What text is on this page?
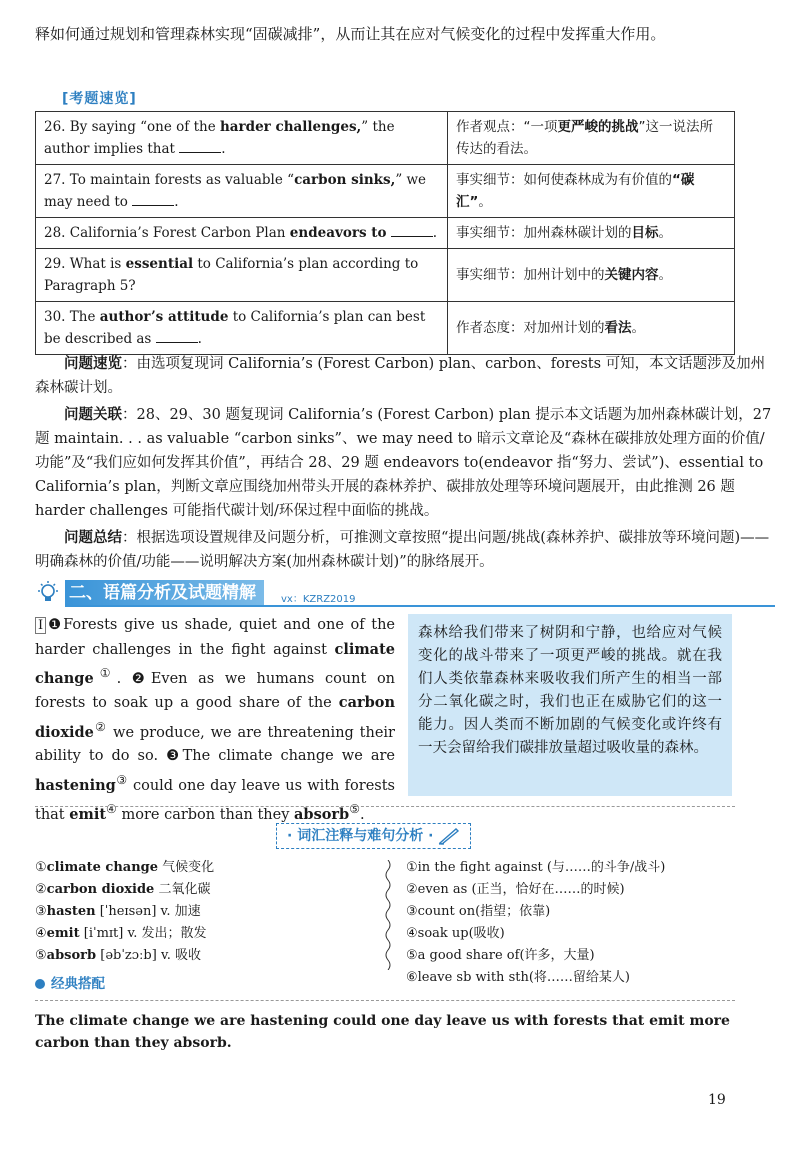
释如何通过规划和管理森林实现“固碳减排”，从而让其在应对气候变化的过程中发挥重大作用。
[考题速览]
26. By saying “one of the harder challenges,” the author implies that .	作者观点：“一项更严峻的挑战”这一说法所传达的看法。
27. To maintain forests as valuable “carbon sinks,” we may need to .	事实细节：如何使森林成为有价值的“碳汇”。
28. California’s Forest Carbon Plan endeavors to .	事实细节：加州森林碳计划的目标。
29. What is essential to California’s plan according to Paragraph 5?	事实细节：加州计划中的关键内容。
30. The author’s attitude to California’s plan can best be described as .	作者态度：对加州计划的看法。

问题速览：由选项复现词 California’s (Forest Carbon) plan、carbon、forests 可知，本文话题涉及加州森林碳计划。

问题关联：28、29、30 题复现词 California’s (Forest Carbon) plan 提示本文话题为加州森林碳计划，27 题 maintain. . . as valuable “carbon sinks”、we may need to 暗示文章论及“森林在碳排放处理方面的价值/功能”及“我们应如何发挥其价值”，再结合 28、29 题 endeavors to(endeavor 指“努力、尝试”)、essential to California’s plan，判断文章应围绕加州带头开展的森林养护、碳排放处理等环境问题展开，由此推测 26 题 harder challenges 可能指代碳计划/环保过程中面临的挑战。

问题总结：根据选项设置规律及问题分析，可推测文章按照“提出问题/挑战(森林养护、碳排放等环境问题)——明确森林的价值/功能——说明解决方案(加州森林碳计划)”的脉络展开。

二、语篇分析及试题精解	vx：KZRZ2019
Ⅰ ❶Forests give us shade, quiet and one of the harder challenges in the fight against climate change①. ❷Even as we humans count on forests to soak up a good share of the carbon dioxide② we produce, we are threatening their ability to do so. ❸The climate change we are hastening③ could one day leave us with forests that emit④ more carbon than they absorb⑤.
森林给我们带来了树阴和宁静，也给应对气候变化的战斗带来了一项更严峻的挑战。就在我们人类依靠森林来吸收我们所产生的相当一部分二氧化碳之时，我们也正在威胁它们的这一能力。因人类而不断加剧的气候变化或许终有一天会留给我们碳排放量超过吸收量的森林。
· 词汇注释与难句分析 ·
①climate change 气候变化
②carbon dioxide 二氧化碳
③hasten [ˈheɪsən] v. 加速
④emit [iˈmɪt] v. 发出；散发
⑤absorb [əbˈzɔːb] v. 吸收
①in the fight against (与……的斗争/战斗)
②even as (正当，恰好在……的时候)
③count on(指望；依靠)
④soak up(吸收)
⑤a good share of(许多，大量)
⑥leave sb with sth(将……留给某人)
经典搭配
The climate change we are hastening could one day leave us with forests that emit more carbon than they absorb.
19
